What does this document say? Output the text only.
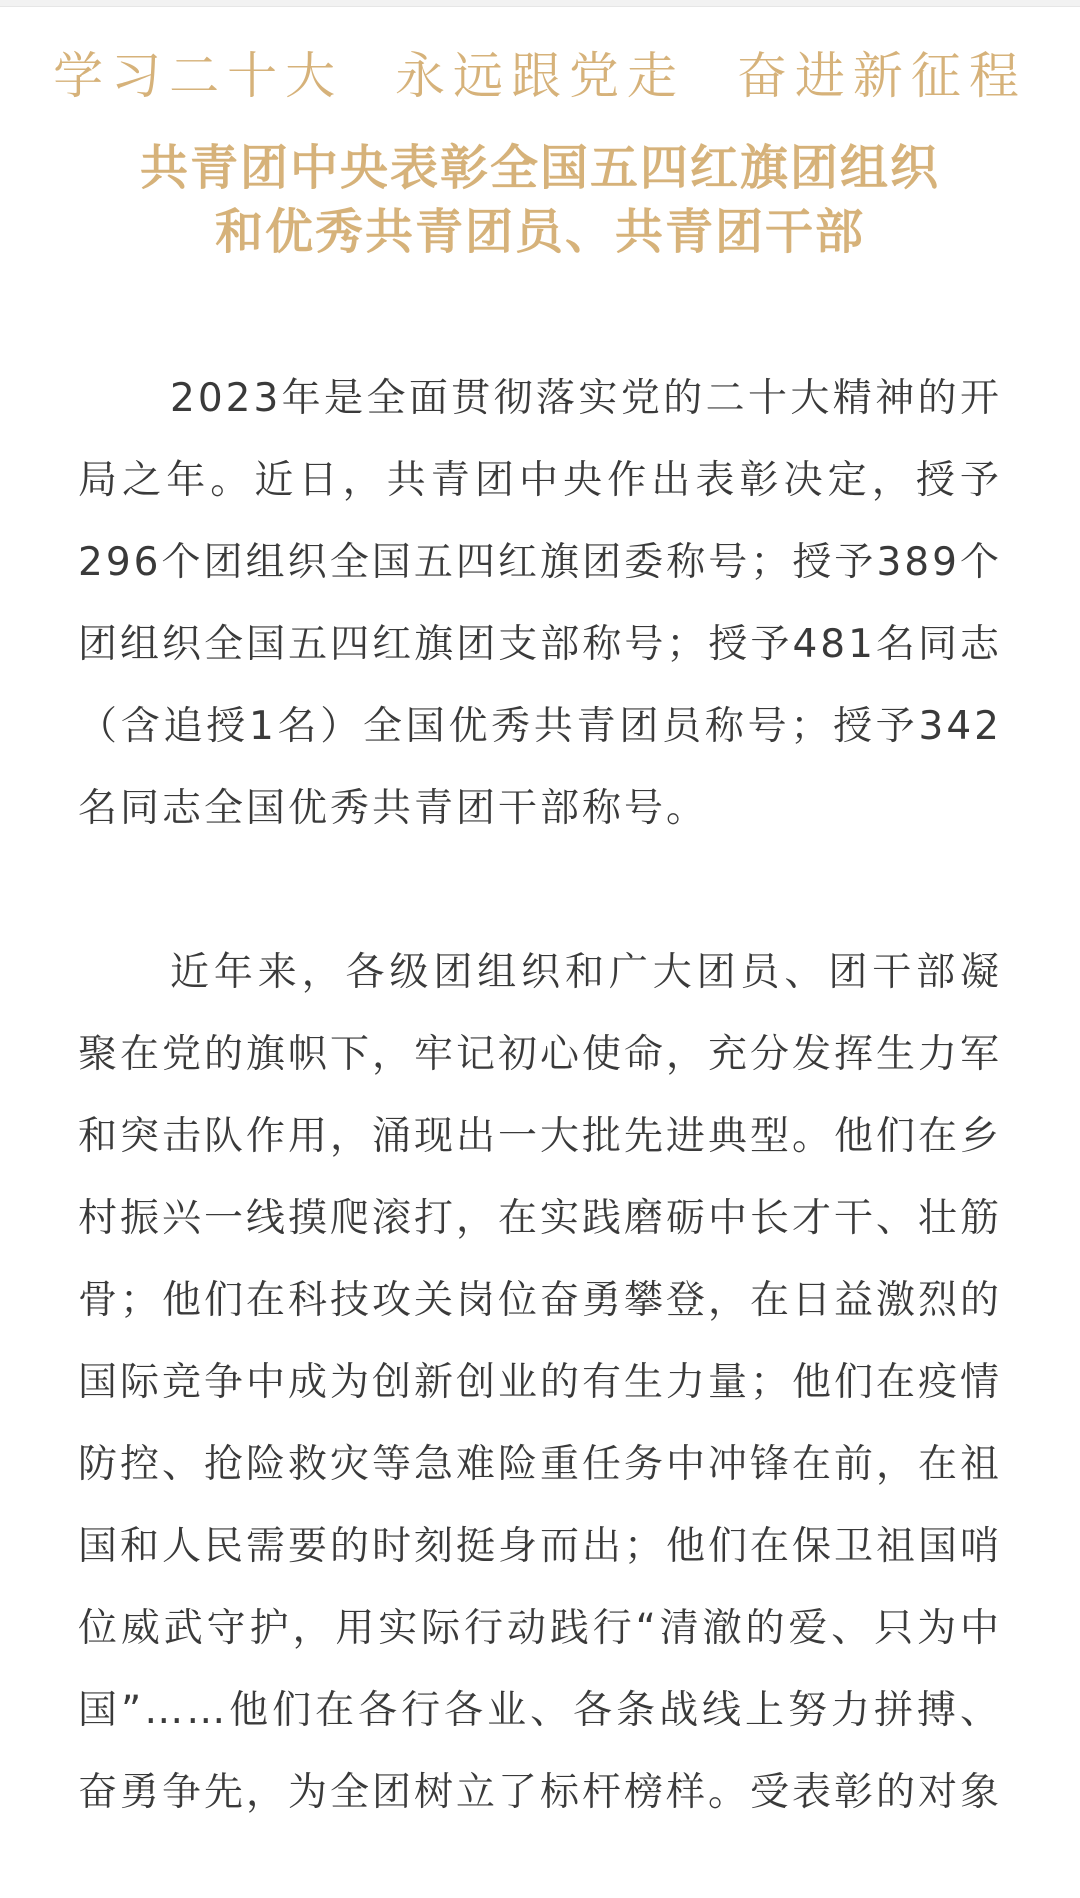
学习二十大 永远跟党走 奋进新征程
共青团中央表彰全国五四红旗团组织
和优秀共青团员、共青团干部

2023年是全面贯彻落实党的二十大精神的开局之年。近日，共青团中央作出表彰决定，授予296个团组织全国五四红旗团委称号；授予389个团组织全国五四红旗团支部称号；授予481名同志（含追授1名）全国优秀共青团员称号；授予342名同志全国优秀共青团干部称号。

近年来，各级团组织和广大团员、团干部凝聚在党的旗帜下，牢记初心使命，充分发挥生力军和突击队作用，涌现出一大批先进典型。他们在乡村振兴一线摸爬滚打，在实践磨砺中长才干、壮筋骨；他们在科技攻关岗位奋勇攀登，在日益激烈的国际竞争中成为创新创业的有生力量；他们在疫情防控、抢险救灾等急难险重任务中冲锋在前，在祖国和人民需要的时刻挺身而出；他们在保卫祖国哨位威武守护，用实际行动践行“清澈的爱、只为中国”……他们在各行各业、各条战线上努力拼搏、奋勇争先，为全团树立了标杆榜样。受表彰的对象
